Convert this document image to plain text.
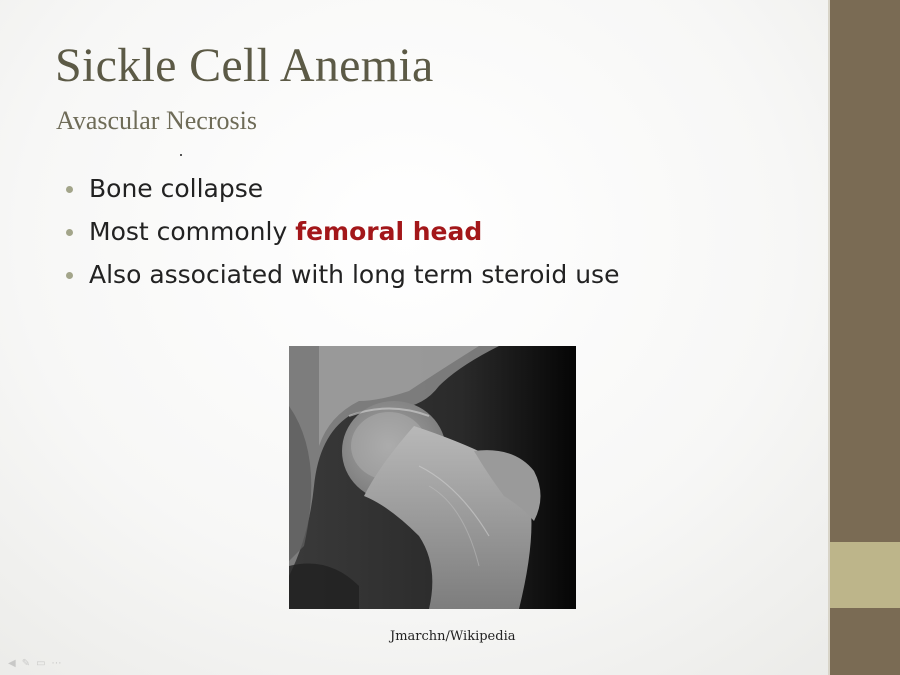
Sickle Cell Anemia
Avascular Necrosis
Bone collapse
Most commonly femoral head
Also associated with long term steroid use
Jmarchn/Wikipedia
◀ ✎ ▭ ⋯
